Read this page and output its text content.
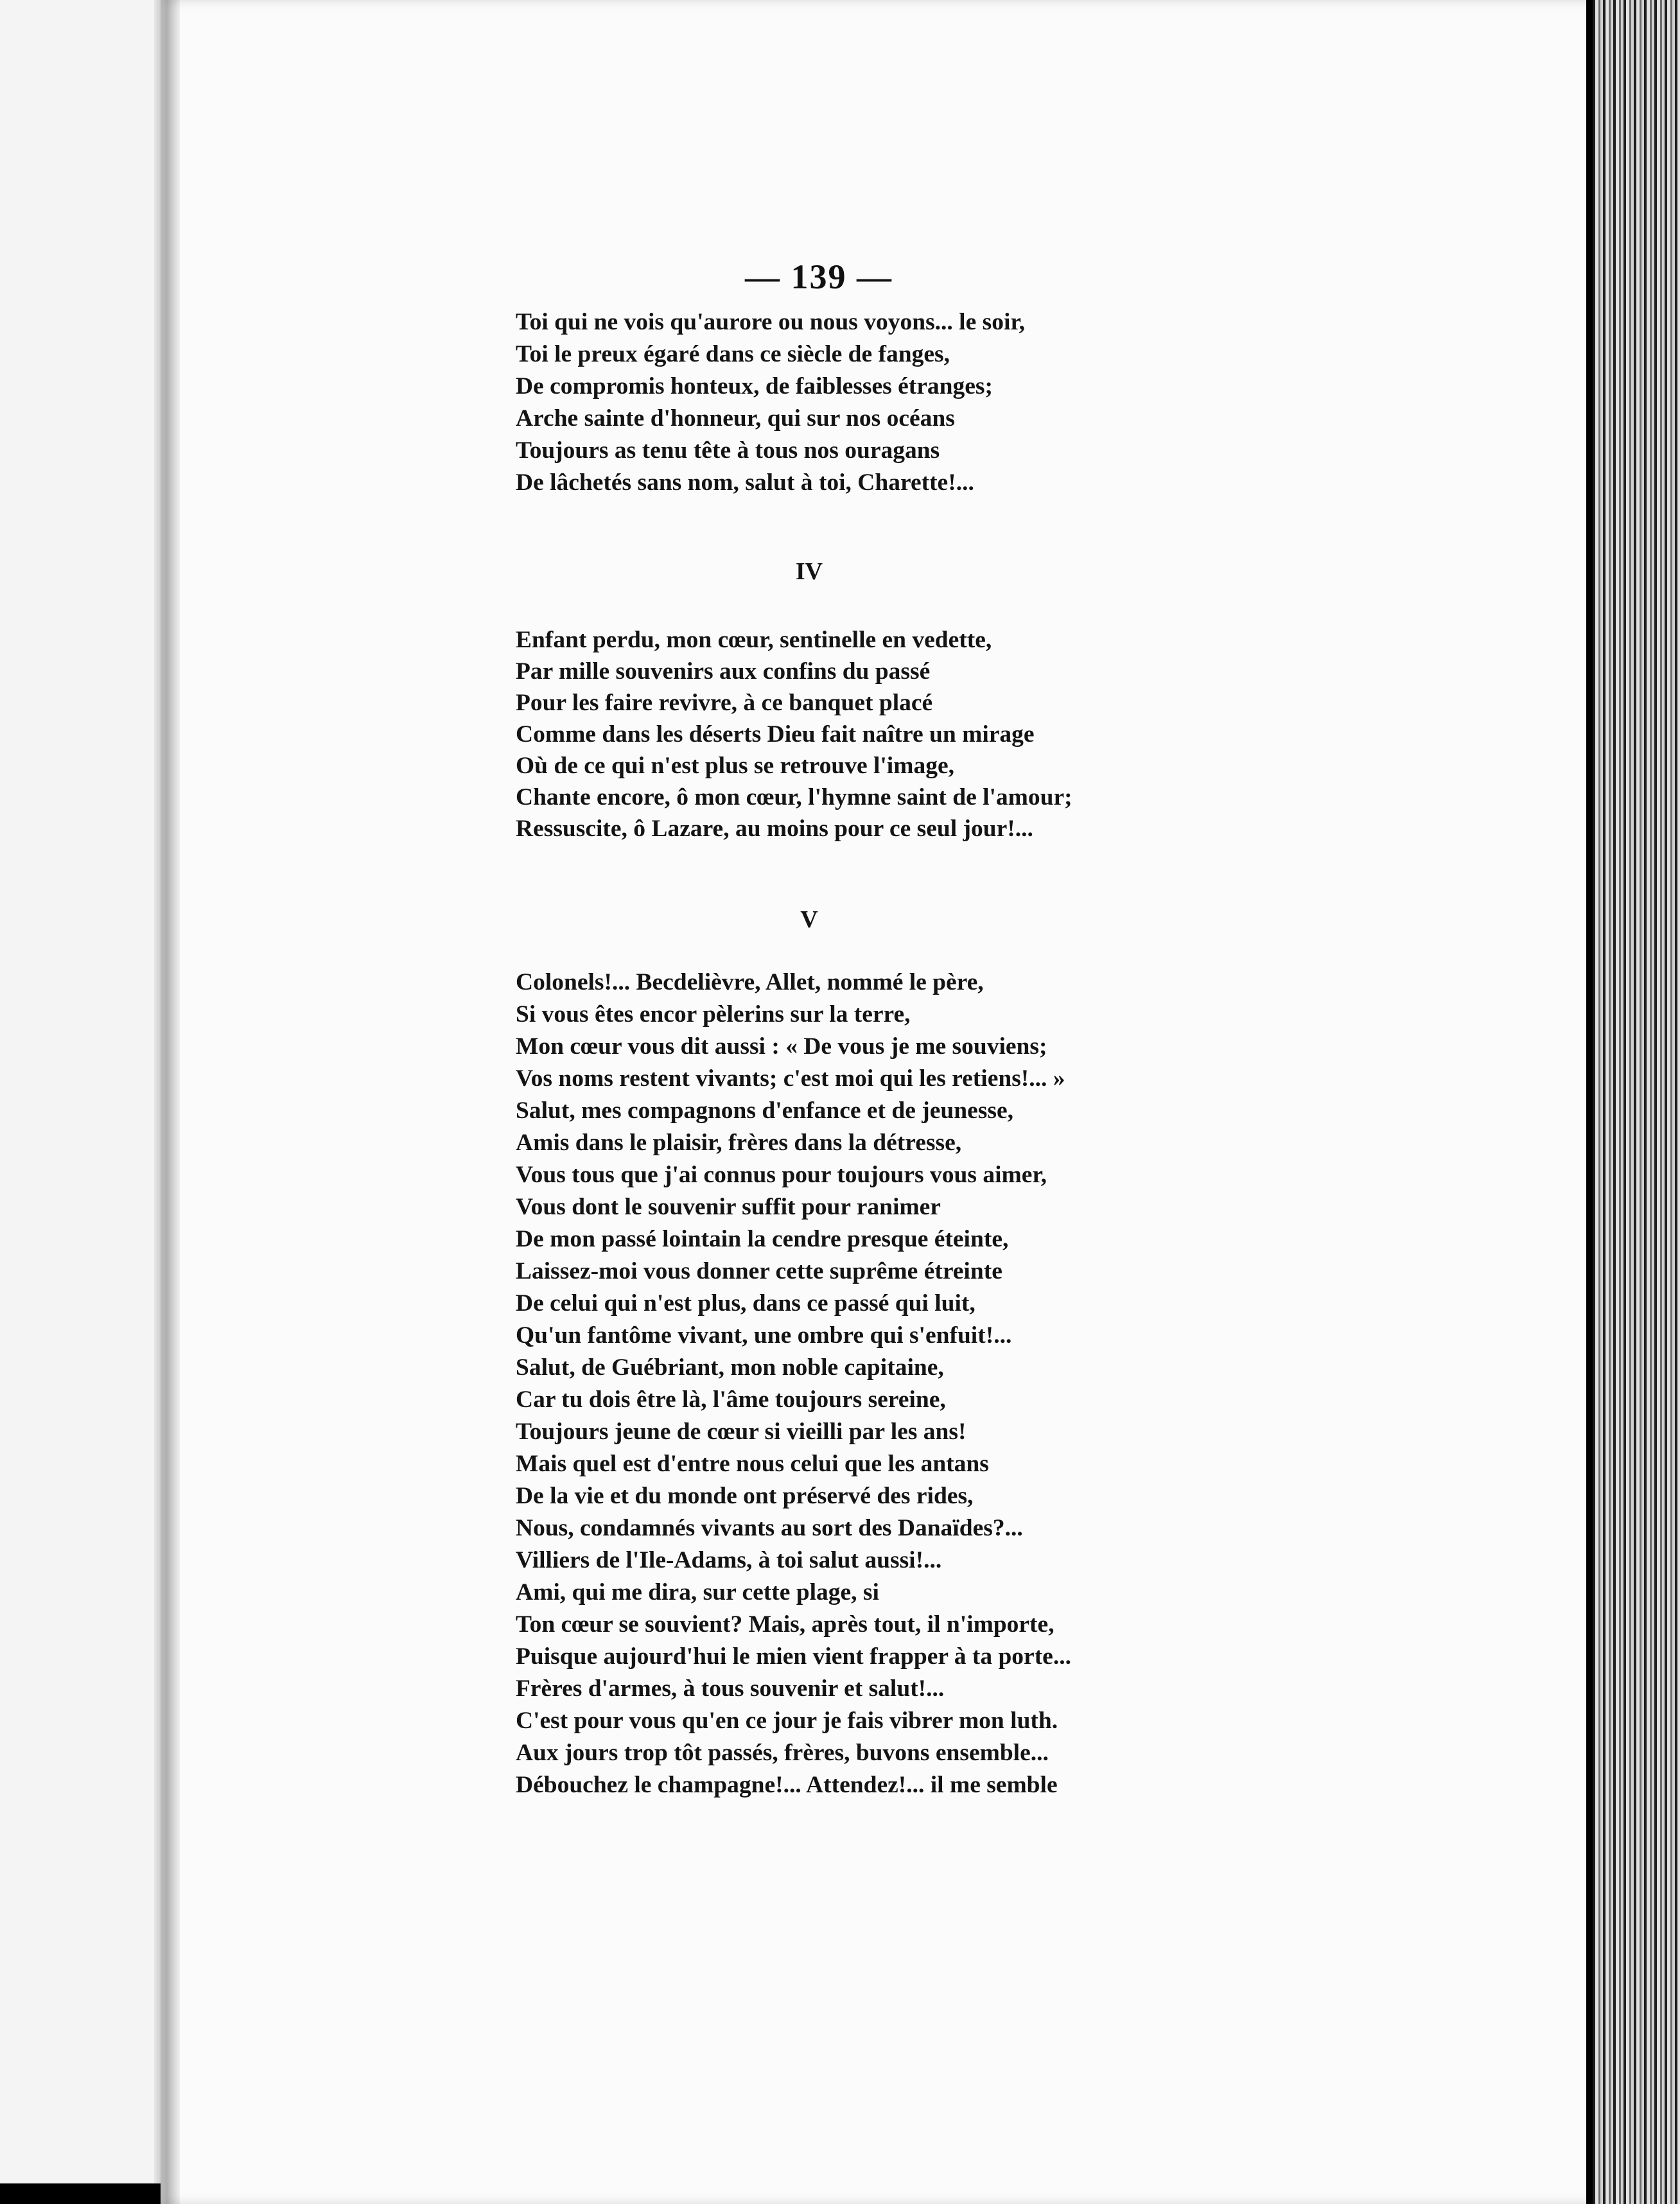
— 139 —
Toi qui ne vois qu'aurore ou nous voyons... le soir,
Toi le preux égaré dans ce siècle de fanges,
De compromis honteux, de faiblesses étranges;
Arche sainte d'honneur, qui sur nos océans
Toujours as tenu tête à tous nos ouragans
De lâchetés sans nom, salut à toi, Charette!...
IV
Enfant perdu, mon cœur, sentinelle en vedette,
Par mille souvenirs aux confins du passé
Pour les faire revivre, à ce banquet placé
Comme dans les déserts Dieu fait naître un mirage
Où de ce qui n'est plus se retrouve l'image,
Chante encore, ô mon cœur, l'hymne saint de l'amour;
Ressuscite, ô Lazare, au moins pour ce seul jour!...
V
Colonels!... Becdelièvre, Allet, nommé le père,
Si vous êtes encor pèlerins sur la terre,
Mon cœur vous dit aussi : « De vous je me souviens;
Vos noms restent vivants; c'est moi qui les retiens!... »
Salut, mes compagnons d'enfance et de jeunesse,
Amis dans le plaisir, frères dans la détresse,
Vous tous que j'ai connus pour toujours vous aimer,
Vous dont le souvenir suffit pour ranimer
De mon passé lointain la cendre presque éteinte,
Laissez-moi vous donner cette suprême étreinte
De celui qui n'est plus, dans ce passé qui luit,
Qu'un fantôme vivant, une ombre qui s'enfuit!...
Salut, de Guébriant, mon noble capitaine,
Car tu dois être là, l'âme toujours sereine,
Toujours jeune de cœur si vieilli par les ans!
Mais quel est d'entre nous celui que les antans
De la vie et du monde ont préservé des rides,
Nous, condamnés vivants au sort des Danaïdes?...
Villiers de l'Ile-Adams, à toi salut aussi!...
Ami, qui me dira, sur cette plage, si
Ton cœur se souvient? Mais, après tout, il n'importe,
Puisque aujourd'hui le mien vient frapper à ta porte...
Frères d'armes, à tous souvenir et salut!...
C'est pour vous qu'en ce jour je fais vibrer mon luth.
Aux jours trop tôt passés, frères, buvons ensemble...
Débouchez le champagne!... Attendez!... il me semble
